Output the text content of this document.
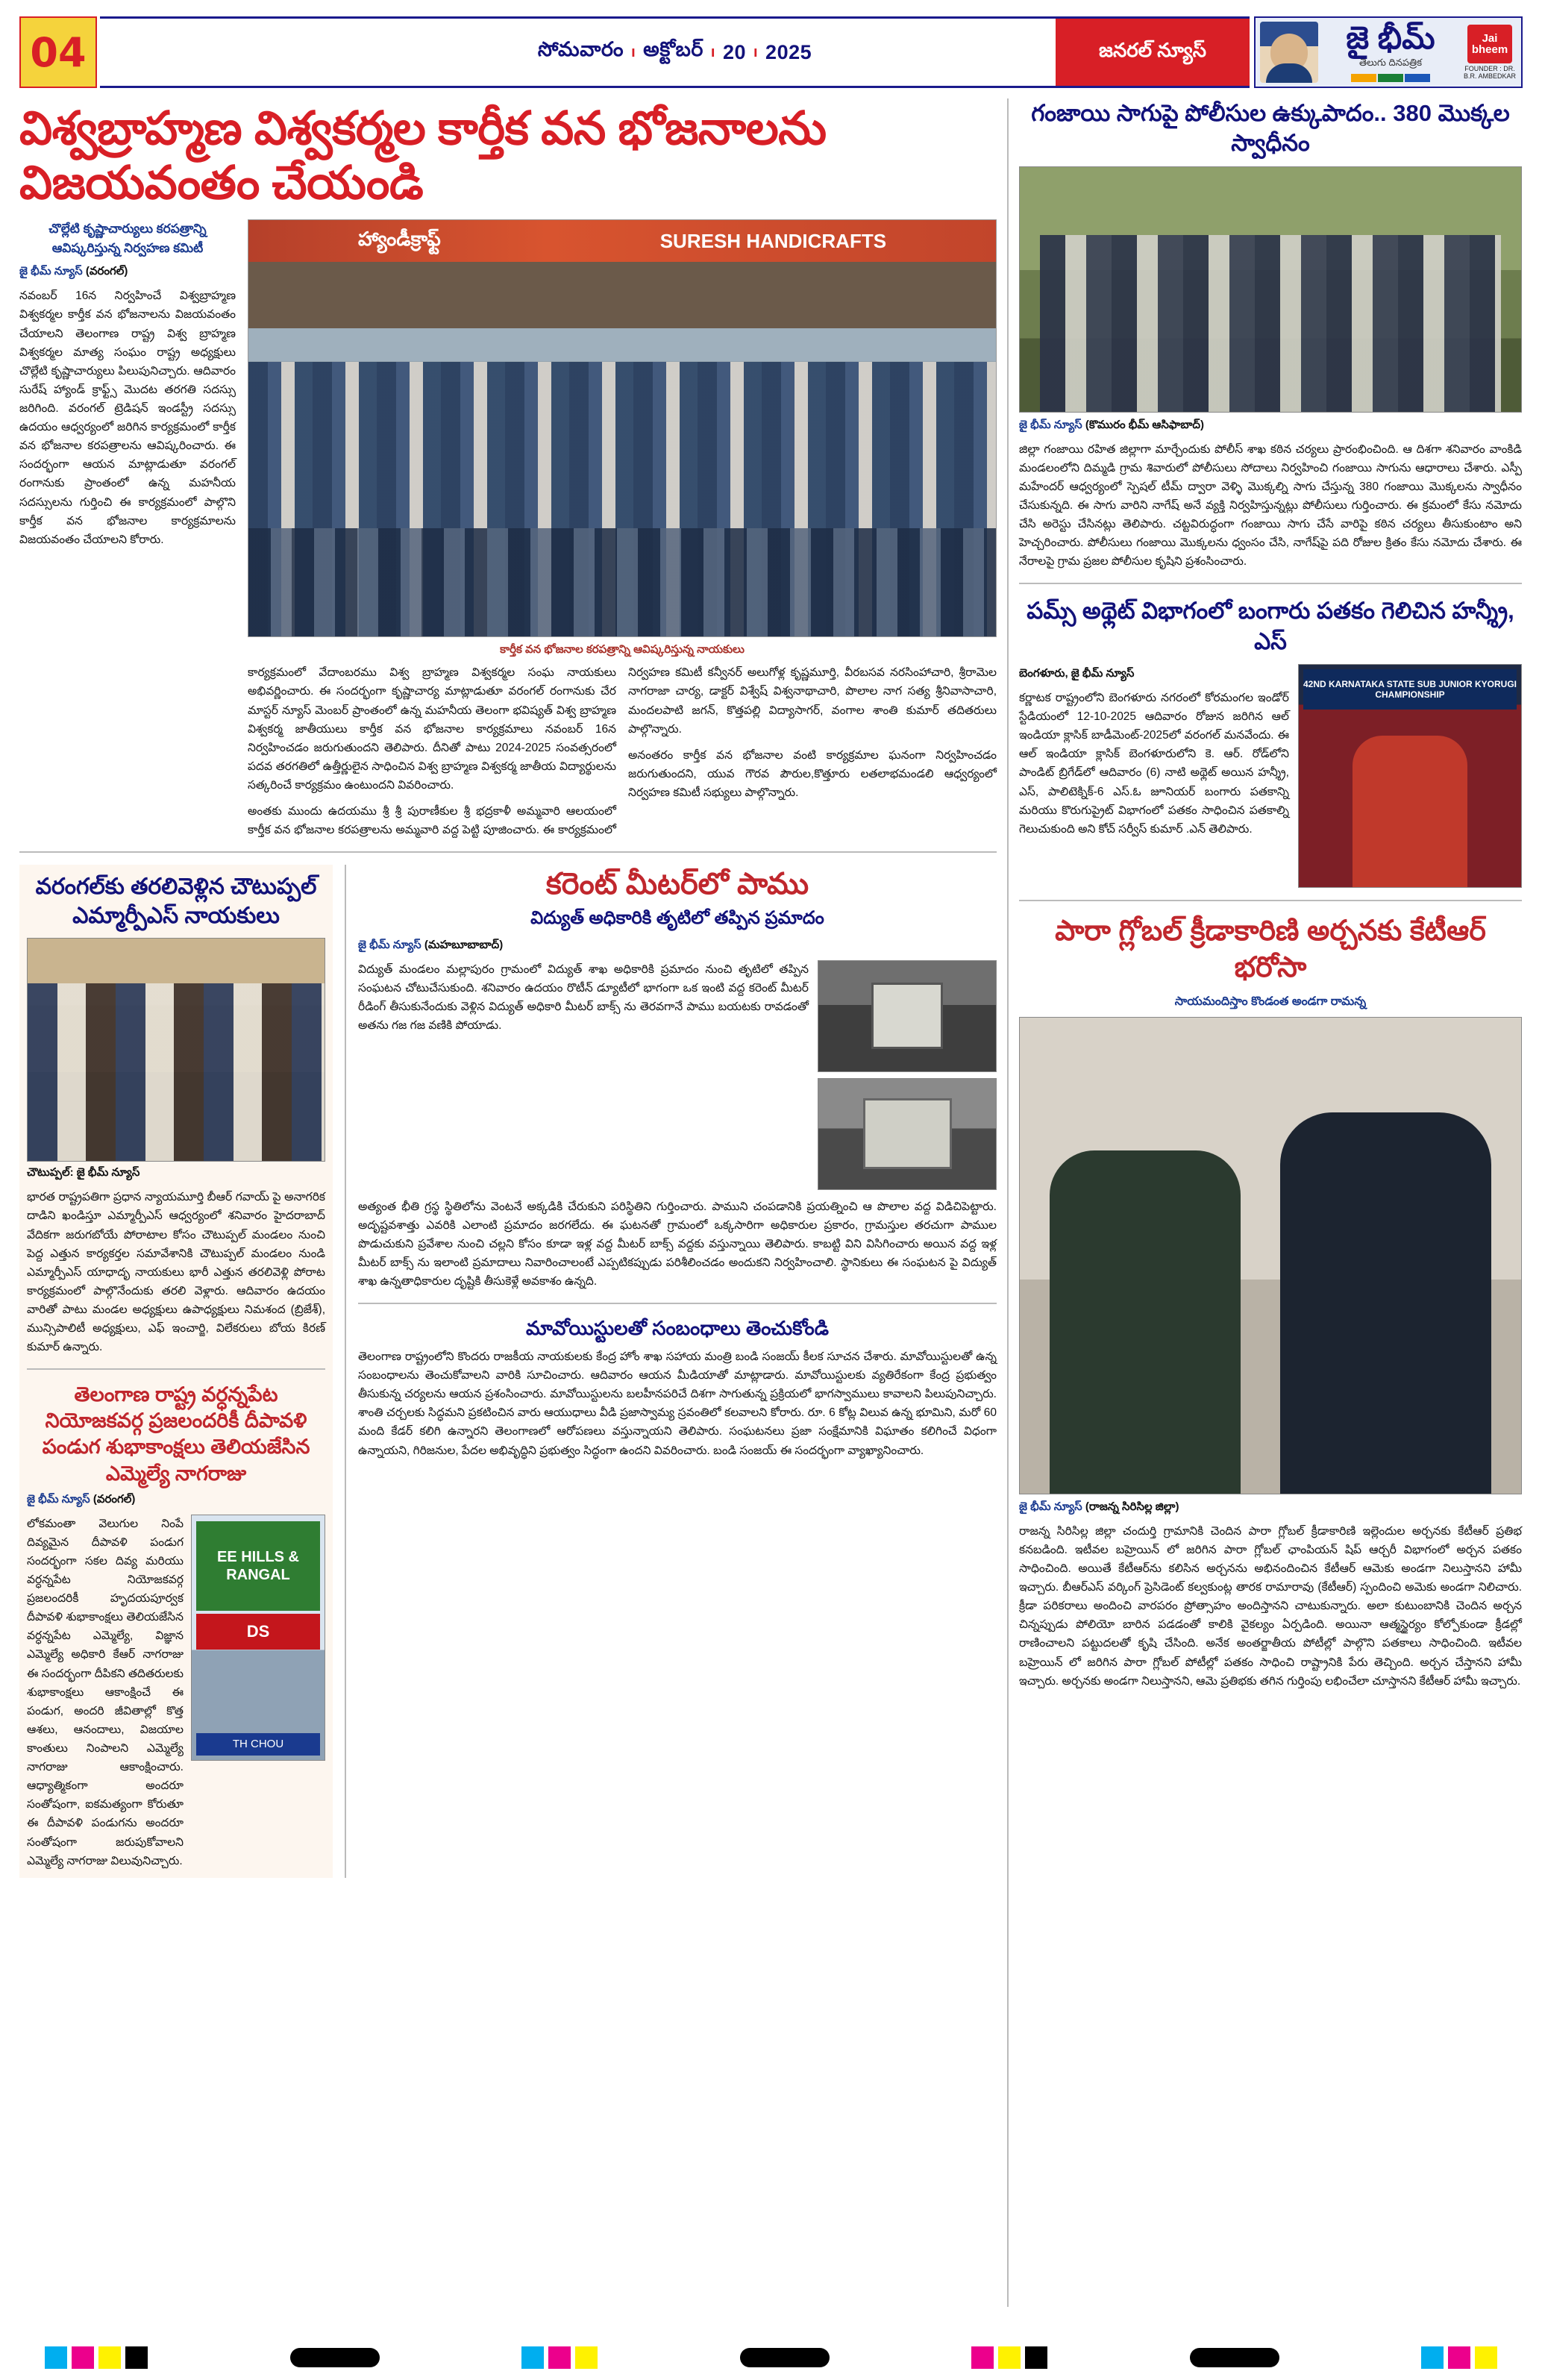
04	సోమవారం ı అక్టోబర్ ı 20 ı 2025	జనరల్ న్యూస్	జై భీమ్
తెలుగు దినపత్రిక
Jai bheem
FOUNDER : DR. B.R. AMBEDKAR
విశ్వబ్రాహ్మణ విశ్వకర్మల కార్తీక వన భోజనాలను విజయవంతం చేయండి
చొల్లేటి కృష్ణాచార్యులు కరపత్రాన్ని ఆవిష్కరిస్తున్న నిర్వహణ కమిటీ
జై భీమ్ న్యూస్ (వరంగల్)
నవంబర్ 16న నిర్వహించే విశ్వబ్రాహ్మణ విశ్వకర్మల కార్తీక వన భోజనాలను విజయవంతం చేయాలని తెలంగాణ రాష్ట్ర విశ్వ బ్రాహ్మణ విశ్వకర్మల మాత్య సంఘం రాష్ట్ర అధ్యక్షులు చొల్లేటి కృష్ణాచార్యులు పిలుపునిచ్చారు. ఆదివారం సురేష్ హ్యాండ్ క్రాఫ్ట్స్ మొదట తరగతి సదస్సు జరిగింది. వరంగల్ ట్రెడిషన్ ఇండస్ట్రీ సదస్సు ఉదయం ఆధ్వర్యంలో జరిగిన కార్యక్రమంలో కార్తీక వన భోజనాల కరపత్రాలను ఆవిష్కరించారు. ఈ సందర్భంగా ఆయన మాట్లాడుతూ వరంగల్ రంగానుకు ప్రాంతంలో ఉన్న మహనీయ సదస్సులను గుర్తించి ఈ కార్యక్రమంలో పాల్గొని కార్తీక వన భోజనాల కార్యక్రమాలను విజయవంతం చేయాలని కోరారు.
హ్యాండీక్రాఫ్ట్	SURESH HANDICRAFTS
కార్తీక వన భోజనాల కరపత్రాన్ని ఆవిష్కరిస్తున్న నాయకులు
కార్యక్రమంలో వేదాంబరము విశ్వ బ్రాహ్మణ విశ్వకర్మల సంఘ నాయకులు అభివర్ణించారు. ఈ సందర్భంగా కృష్ణాచార్య మాట్లాడుతూ వరంగల్ రంగానుకు చేర మాస్టర్ న్యూస్ మెంబర్ ప్రాంతంలో ఉన్న మహనీయ తెలంగా భవిష్యత్ విశ్వ బ్రాహ్మణ విశ్వకర్మ జాతీయులు కార్తీక వన భోజనాల కార్యక్రమాలు నవంబర్ 16న నిర్వహించడం జరుగుతుందని తెలిపారు. దీనితో పాటు 2024-2025 సంవత్సరంలో పదవ తరగతిలో ఉత్తీర్ణులైన సాధించిన విశ్వ బ్రాహ్మణ విశ్వకర్మ జాతీయ విద్యార్థులను సత్కరించే కార్యక్రమం ఉంటుందని వివరించారు.
అంతకు ముందు ఉదయము శ్రీ శ్రీ పురాణీకుల శ్రీ భద్రకాళీ అమ్మవారి ఆలయంలో కార్తీక వన భోజనాల కరపత్రాలను అమ్మవారి వద్ద పెట్టి పూజించారు. ఈ కార్యక్రమంలో నిర్వహణ కమిటీ కన్వీనర్ అలుగోళ్ల కృష్ణమూర్తి, వీరబసవ నరసింహాచారి, శ్రీరామెల నాగరాజా చార్య, డాక్టర్ విశ్వేష్ విశ్వనాథాచారి, పొలాల నాగ సత్య శ్రీనివాసాచారి, మందలపాటి జగన్, కొత్తపల్లి విద్యాసాగర్, వంగాల శాంతి కుమార్ తదితరులు పాల్గొన్నారు.
అనంతరం కార్తీక వన భోజనాల వంటి కార్యక్రమాల ఘనంగా నిర్వహించడం జరుగుతుందని, యువ గౌరవ పౌరుల,కొత్తూరు లతలాభమండలి ఆధ్వర్యంలో నిర్వహణ కమిటీ సభ్యులు పాల్గొన్నారు.
వరంగల్‌కు తరలివెళ్లిన చౌటుప్పల్ ఎమ్మార్పీఎస్ నాయకులు
చౌటుప్పల్: జై భీమ్ న్యూస్
భారత రాష్ట్రపతిగా ప్రధాన న్యాయమూర్తి బీఆర్ గవాయ్ పై అనాగరిక దాడిని ఖండిస్తూ ఎమ్మార్పీఎస్ ఆధ్వర్యంలో శనివారం హైదరాబాద్ వేదికగా జరుగబోయే పోరాటాల కోసం చౌటుప్పల్ మండలం నుంచి పెద్ద ఎత్తున కార్యకర్తల సమావేశానికి చౌటుప్పల్ మండలం నుండి ఎమ్మార్పీఎస్ యాధాదృ నాయకులు భారీ ఎత్తున తరలివెళ్లి పోరాట కార్యక్రమంలో పాల్గొనేందుకు తరలి వెళ్లారు. ఆదివారం ఉదయం వారితో పాటు మండల అధ్యక్షులు ఉపాధ్యక్షులు నిమశంద (బ్రిజేశ్), మున్సిపాలిటీ అధ్యక్షులు, ఎఫ్ ఇంచార్జి, విలేకరులు బోయ కిరణ్ కుమార్ ఉన్నారు.
తెలంగాణ రాష్ట్ర వర్ధన్నపేట నియోజకవర్గ ప్రజలందరికీ దీపావళి పండుగ శుభాకాంక్షలు తెలియజేసిన ఎమ్మెల్యే నాగరాజు
జై భీమ్ న్యూస్ (వరంగల్)
లోకమంతా వెలుగుల నింపే దివ్యమైన దీపావళి పండుగ సందర్భంగా సకల దివ్య మరియు వర్ధన్నపేట నియోజకవర్గ ప్రజలందరికీ హృదయపూర్వక దీపావళి శుభాకాంక్షలు తెలియజేసిన వర్ధన్నపేట ఎమ్మెల్యే, విజ్ఞాన ఎమ్మెల్యే అధికారి కేఆర్ నాగరాజు ఈ సందర్భంగా దీపికని తదితరులకు శుభాకాంక్షలు ఆకాంక్షించే ఈ పండుగ, అందరి జీవితాల్లో కొత్త ఆశలు, ఆనందాలు, విజయాల కాంతులు నింపాలని ఎమ్మెల్యే నాగరాజు ఆకాంక్షించారు. ఆధ్యాత్మికంగా అందరూ సంతోషంగా, ఐకమత్యంగా కోరుతూ ఈ దీపావళి పండుగను అందరూ సంతోషంగా జరుపుకోవాలని ఎమ్మెల్యే నాగరాజు విలువునిచ్చారు.
EE HILLS & RANGAL
DS
TH CHOU
కరెంట్ మీటర్‌లో పాము
విద్యుత్ అధికారికి తృటిలో తప్పిన ప్రమాదం
జై భీమ్ న్యూస్ (మహబూబాబాద్)
విద్యుత్ మండలం మల్లాపురం గ్రామంలో విద్యుత్ శాఖ అధికారికి ప్రమాదం నుంచి తృటిలో తప్పిన సంఘటన చోటుచేసుకుంది. శనివారం ఉదయం రొటీన్ డ్యూటీలో భాగంగా ఒక ఇంటి వద్ద కరెంట్ మీటర్ రీడింగ్ తీసుకునేందుకు వెళ్లిన విద్యుత్ అధికారి మీటర్ బాక్స్ ను తెరవగానే పాము బయటకు రావడంతో అతను గజ గజ వణికి పోయాడు.
అత్యంత భీతి గ్రస్థ స్థితిలోను వెంటనే అక్కడికి చేరుకుని పరిస్థితిని గుర్తించారు. పాముని చంపడానికి ప్రయత్నించి ఆ పొలాల వద్ద విడిచిపెట్టారు. అదృష్టవశాత్తు ఎవరికి ఎలాంటి ప్రమాదం జరగలేదు. ఈ ఘటనతో గ్రామంలో ఒక్కసారిగా అధికారుల ప్రకారం, గ్రామస్తుల తరచుగా పాముల పొడుచుకుని ప్రవేశాల నుంచి చల్లని కోసం కూడా ఇళ్ల వద్ద మీటర్ బాక్స్ వద్దకు వస్తున్నాయి తెలిపారు. కాబట్టి విని విసిగించారు అయిన వద్ద ఇళ్ల మీటర్ బాక్స్ ను ఇలాంటి ప్రమాదాలు నివారించాలంటే ఎప్పటికప్పుడు పరిశీలించడం అందుకని నిర్వహించాలి. స్థానికులు ఈ సంఘటన పై విద్యుత్ శాఖ ఉన్నతాధికారుల దృష్టికి తీసుకెళ్లే అవకాశం ఉన్నది.
మావోయిస్టులతో సంబంధాలు తెంచుకోండి
తెలంగాణ రాష్ట్రంలోని కొందరు రాజకీయ నాయకులకు కేంద్ర హోం శాఖ సహాయ మంత్రి బండి సంజయ్ కీలక సూచన చేశారు. మావోయిస్టులతో ఉన్న సంబంధాలను తెంచుకోవాలని వారికి సూచించారు. ఆదివారం ఆయన మీడియాతో మాట్లాడారు. మావోయిస్టులకు వ్యతిరేకంగా కేంద్ర ప్రభుత్వం తీసుకున్న చర్యలను ఆయన ప్రశంసించారు. మావోయిస్టులను బలహీనపరిచే దిశగా సాగుతున్న ప్రక్రియలో భాగస్వాములు కావాలని పిలుపునిచ్చారు. శాంతి చర్చలకు సిద్ధమని ప్రకటించిన వారు ఆయుధాలు వీడి ప్రజాస్వామ్య స్రవంతిలో కలవాలని కోరారు. రూ. 6 కోట్ల విలువ ఉన్న భూమిని, మరో 60 మంది కేడర్ కలిగి ఉన్నారని తెలంగాణలో ఆరోపణలు వస్తున్నాయని తెలిపారు. సంఘటనలు ప్రజా సంక్షేమానికి విఘాతం కలిగించే విధంగా ఉన్నాయని, గిరిజనుల, పేదల అభివృద్ధిని ప్రభుత్వం సిద్ధంగా ఉందని వివరించారు. బండి సంజయ్ ఈ సందర్భంగా వ్యాఖ్యానించారు.
గంజాయి సాగుపై పోలీసుల ఉక్కుపాదం.. 380 మొక్కల స్వాధీనం
జై భీమ్ న్యూస్ (కొమురం భీమ్ ఆసిఫాబాద్)
జిల్లా గంజాయి రహిత జిల్లాగా మార్చేందుకు పోలీస్ శాఖ కఠిన చర్యలు ప్రారంభించింది. ఆ దిశగా శనివారం వాంకిడి మండలంలోని దిమ్మడి గ్రామ శివారులో పోలీసులు సోదాలు నిర్వహించి గంజాయి సాగును ఆధారాలు చేశారు. ఎస్పీ మహేందర్ ఆధ్వర్యంలో స్పెషల్ టీమ్ ద్వారా వెళ్ళి మొక్కల్ని సాగు చేస్తున్న 380 గంజాయి మొక్కలను స్వాధీనం చేసుకున్నది. ఈ సాగు వారిని నాగేష్ అనే వ్యక్తి నిర్వహిస్తున్నట్లు పోలీసులు గుర్తించారు. ఈ క్రమంలో కేసు నమోదు చేసి అరెస్టు చేసినట్లు తెలిపారు. చట్టవిరుద్ధంగా గంజాయి సాగు చేసే వారిపై కఠిన చర్యలు తీసుకుంటాం అని హెచ్చరించారు. పోలీసులు గంజాయి మొక్కలను ధ్వంసం చేసి, నాగేష్‌పై పది రోజుల క్రితం కేసు నమోదు చేశారు. ఈ నేరాలపై గ్రామ ప్రజల పోలీసుల కృషిని ప్రశంసించారు.
పమ్స్ అథ్లెట్ విభాగంలో బంగారు పతకం గెలిచిన హన్శ్రీ, ఎస్
బెంగళూరు, జై భీమ్ న్యూస్
కర్ణాటక రాష్ట్రంలోని బెంగళూరు నగరంలో కోరమంగల ఇండోర్ స్టేడియంలో 12-10-2025 ఆదివారం రోజున జరిగిన ఆల్ ఇండియా క్లాసిక్ బాడీమెంట్-2025లో వరంగల్ మనవేందు. ఈ ఆల్ ఇండియా క్లాసిక్ బెంగళూరులోని కె. ఆర్. రోడ్‌లోని పాండిట్ బ్రిగేడ్‌లో ఆదివారం (6) నాటి అథ్లెట్ అయిన హన్శ్రీ, ఎస్, పాలిటెక్నిక్-6 ఎస్.ఓ జూనియర్ బంగారు పతకాన్ని మరియు కొరుగుప్రైట్ విభాగంలో పతకం సాధించిన పతకాల్ని గెలుచుకుంది అని కోచ్ సర్వీస్ కుమార్ .ఎన్ తెలిపారు.
42ND KARNATAKA STATE SUB JUNIOR KYORUGI CHAMPIONSHIP
పారా గ్లోబల్ క్రీడాకారిణి అర్చనకు కేటీఆర్ భరోసా
సాయమందిస్తాం కొండంత అండగా రామన్న
జై భీమ్ న్యూస్ (రాజన్న సిరిసిల్ల జిల్లా)
రాజన్న సిరిసిల్ల జిల్లా చందుర్తి గ్రామానికి చెందిన పారా గ్లోబల్ క్రీడాకారిణి ఇల్లెందుల అర్చనకు కేటీఆర్ ప్రతిభ కనబడింది. ఇటీవల బహ్రెయిన్ లో జరిగిన పారా గ్లోబల్ ఛాంపియన్ షిప్ ఆర్చరీ విభాగంలో అర్చన పతకం సాధించింది. అయితే కేటీఆర్‌ను కలిసిన అర్చనను అభినందించిన కేటీఆర్ ఆమెకు అండగా నిలుస్తానని హామీ ఇచ్చారు. బీఆర్ఎస్ వర్కింగ్ ప్రెసిడెంట్ కల్వకుంట్ల తారక రామారావు (కేటీఆర్) స్పందించి అమెకు అండగా నిలిచారు. క్రీడా పరికరాలు అందించి వారపరం ప్రోత్సాహం అందిస్తానని చాటుకున్నారు. అలా కుటుంబానికి చెందిన అర్చన చిన్నప్పుడు పోలియో బారిన పడడంతో కాలికి వైకల్యం ఏర్పడింది. అయినా ఆత్మస్థైర్యం కోల్పోకుండా క్రీడల్లో రాణించాలని పట్టుదలతో కృషి చేసింది. అనేక అంతర్జాతీయ పోటీల్లో పాల్గొని పతకాలు సాధించింది. ఇటీవల బహ్రెయిన్ లో జరిగిన పారా గ్లోబల్ పోటీల్లో పతకం సాధించి రాష్ట్రానికి పేరు తెచ్చింది. అర్చన చేస్తానని హామీ ఇచ్చారు. అర్చనకు అండగా నిలుస్తానని, ఆమె ప్రతిభకు తగిన గుర్తింపు లభించేలా చూస్తానని కేటీఆర్ హామీ ఇచ్చారు.
